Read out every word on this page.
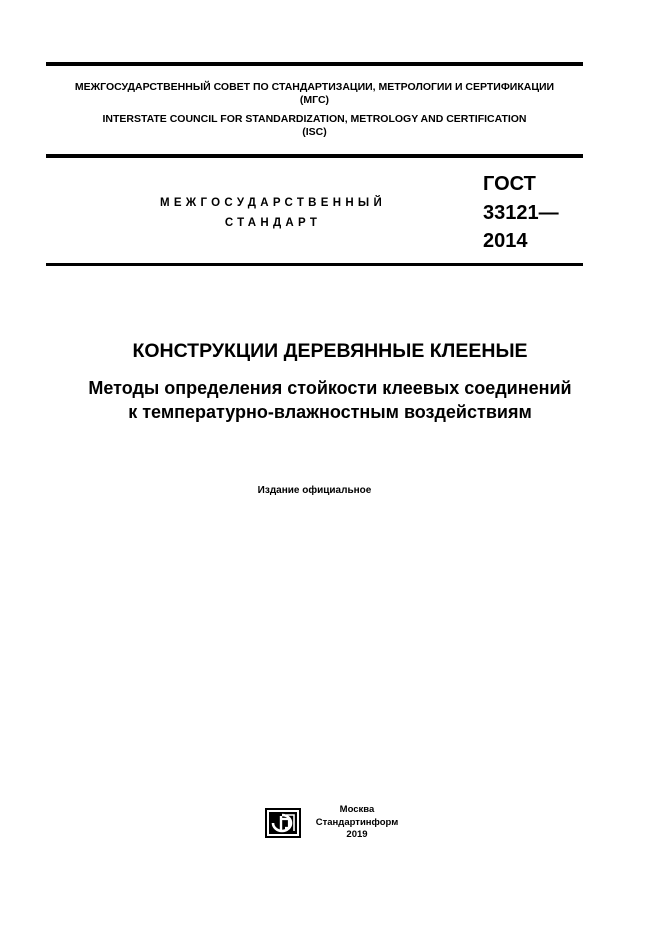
МЕЖГОСУДАРСТВЕННЫЙ СОВЕТ ПО СТАНДАРТИЗАЦИИ, МЕТРОЛОГИИ И СЕРТИФИКАЦИИ
(МГС)
INTERSTATE COUNCIL FOR STANDARDIZATION, METROLOGY AND CERTIFICATION
(ISC)
МЕЖГОСУДАРСТВЕННЫЙ
СТАНДАРТ
ГОСТ
33121—
2014
КОНСТРУКЦИИ ДЕРЕВЯННЫЕ КЛЕЕНЫЕ
Методы определения стойкости клеевых соединений
к температурно-влажностным воздействиям
Издание официальное
Москва
Стандартинформ
2019
